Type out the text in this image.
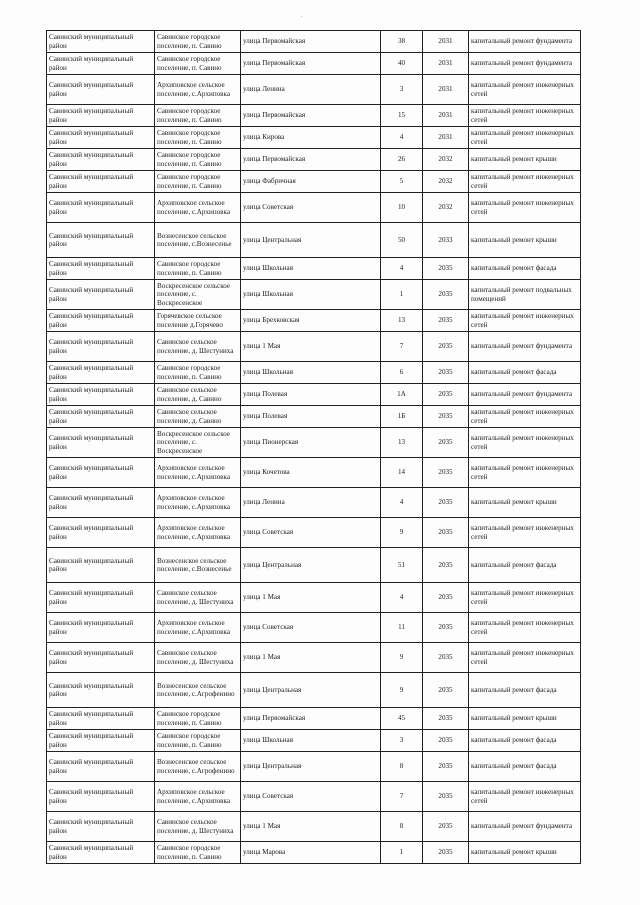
ˌ
Савинский муниципальный район	Савинское городское поселение, п. Савино	улица Первомайская	38	2031	капитальный ремонт фундамента
Савинский муниципальный район	Савинское городское поселение, п. Савино	улица Первомайская	40	2031	капитальный ремонт фундамента
Савинский муниципальный район	Архиповское сельское поселение, с.Архиповка	улица Ленина	3	2031	капитальный ремонт инженерных сетей
Савинский муниципальный район	Савинское городское поселение, п. Савино	улица Первомайская	15	2031	капитальный ремонт инженерных сетей
Савинский муниципальный район	Савинское городское поселение, п. Савино	улица Кирова	4	2031	капитальный ремонт инженерных сетей
Савинский муниципальный район	Савинское городское поселение, п. Савино	улица Первомайская	26	2032	капитальный ремонт крыши
Савинский муниципальный район	Савинское городское поселение, п. Савино	улица Фабричная	5	2032	капитальный ремонт инженерных сетей
Савинский муниципальный район	Архиповское сельское поселение, с.Архиповка	улица Советская	10	2032	капитальный ремонт инженерных сетей
Савинский муниципальный район	Вознесенское сельское поселение, с.Вознесенье	улица Центральная	50	2033	капитальный ремонт крыши
Савинский муниципальный район	Савинское городское поселение, п. Савино	улица Школьная	4	2035	капитальный ремонт фасада
Савинский муниципальный район	Воскресенское сельское поселение, с. Воскресенское	улица Школьная	1	2035	капитальный ремонт подвальных помещений
Савинский муниципальный район	Горячевское сельское поселение д.Горячево	улица Брехковская	13	2035	капитальный ремонт инженерных сетей
Савинский муниципальный район	Савинское сельское поселение, д. Шестуниха	улица 1 Мая	7	2035	капитальный ремонт фундамента
Савинский муниципальный район	Савинское городское поселение, п. Савино	улица Школьная	6	2035	капитальный ремонт фасада
Савинский муниципальный район	Савинское сельское поселение, д. Савино	улица Полевая	1А	2035	капитальный ремонт фундамента
Савинский муниципальный район	Савинское сельское поселение, д. Савино	улица Полевая	1Б	2035	капитальный ремонт инженерных сетей
Савинский муниципальный район	Воскресенское сельское поселение, с. Воскресенское	улица Пионерская	13	2035	капитальный ремонт инженерных сетей
Савинский муниципальный район	Архиповское сельское поселение, с.Архиповка	улица Кочетова	14	2035	капитальный ремонт инженерных сетей
Савинский муниципальный район	Архиповское сельское поселение, с.Архиповка	улица Ленина	4	2035	капитальный ремонт крыши
Савинский муниципальный район	Архиповское сельское поселение, с.Архиповка	улица Советская	9	2035	капитальный ремонт инженерных сетей
Савинский муниципальный район	Вознесенское сельское поселение, с.Вознесенье	улица Центральная	51	2035	капитальный ремонт фасада
Савинский муниципальный район	Савинское сельское поселение, д. Шестуниха	улица 1 Мая	4	2035	капитальный ремонт инженерных сетей
Савинский муниципальный район	Архиповское сельское поселение, с.Архиповка	улица Советская	11	2035	капитальный ремонт инженерных сетей
Савинский муниципальный район	Савинское сельское поселение, д. Шестуниха	улица 1 Мая	9	2035	капитальный ремонт инженерных сетей
Савинский муниципальный район	Вознесенское сельское поселение, с.Агрофенино	улица Центральная	9	2035	капитальный ремонт фасада
Савинский муниципальный район	Савинское городское поселение, п. Савино	улица Первомайская	45	2035	капитальный ремонт крыши
Савинский муниципальный район	Савинское городское поселение, п. Савино	улица Школьная	3	2035	капитальный ремонт фасада
Савинский муниципальный район	Вознесенское сельское поселение, с.Агрофенино	улица Центральная	8	2035	капитальный ремонт фасада
Савинский муниципальный район	Архиповское сельское поселение, с.Архиповка	улица Советская	7	2035	капитальный ремонт инженерных сетей
Савинский муниципальный район	Савинское сельское поселение, д. Шестуниха	улица 1 Мая	8	2035	капитальный ремонт фундамента
Савинский муниципальный район	Савинское городское поселение, п. Савино	улица Марова	1	2035	капитальный ремонт крыши
